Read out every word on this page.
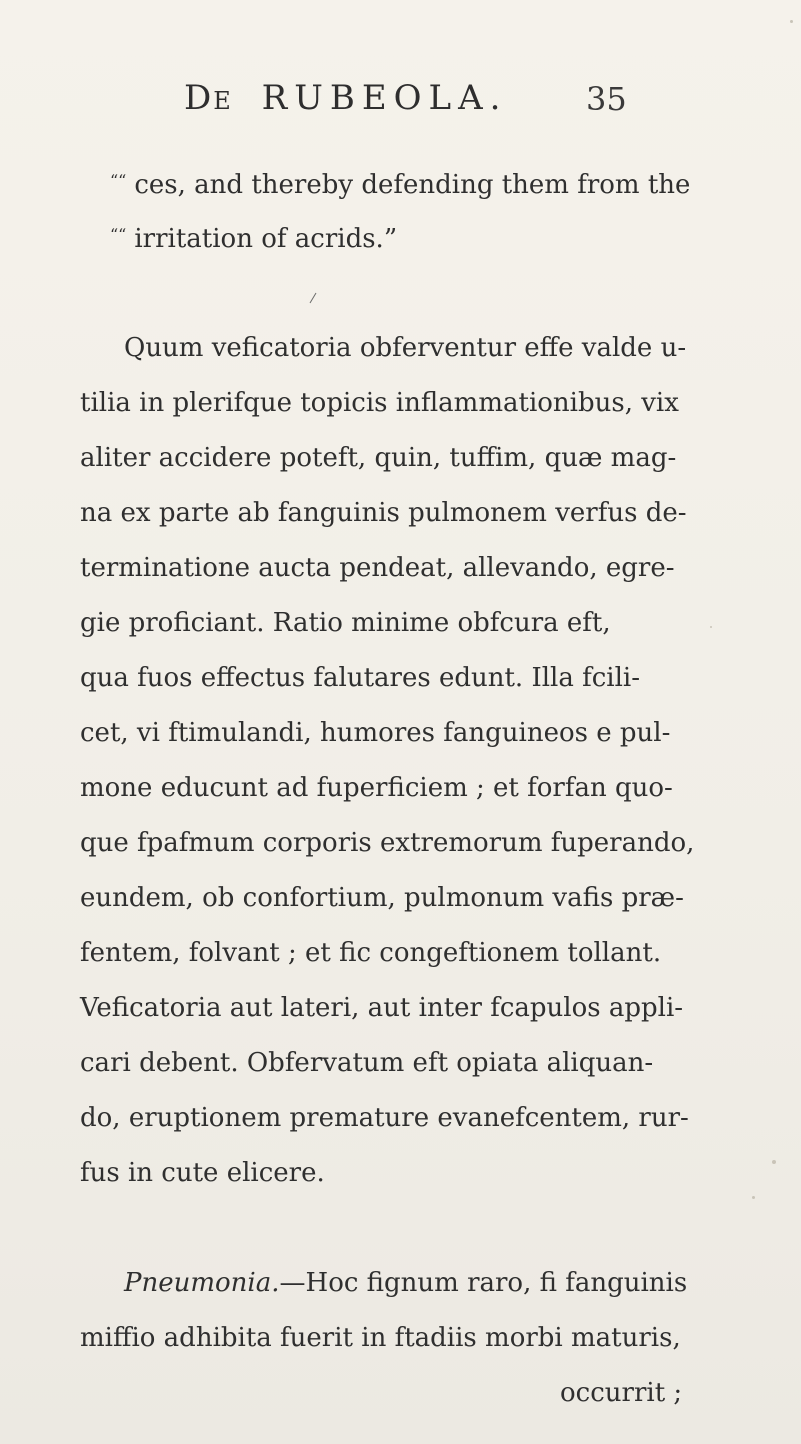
DE RUBEOLA. 35
““ ces, and thereby defending them from the
““ irritation of acrids.”
Quum veficatoria obferventur effe valde u-
tilia in plerifque topicis inflammationibus, vix
aliter accidere poteft, quin, tuffim, quæ mag-
na ex parte ab fanguinis pulmonem verfus de-
terminatione aucta pendeat, allevando, egre-
gie proficiant. Ratio minime obfcura eft,
qua fuos effectus falutares edunt. Illa fcili-
cet, vi ftimulandi, humores fanguineos e pul-
mone educunt ad fuperficiem ; et forfan quo-
que fpafmum corporis extremorum fuperando,
eundem, ob confortium, pulmonum vafis præ-
fentem, folvant ; et fic congeftionem tollant.
Veficatoria aut lateri, aut inter fcapulos appli-
cari debent. Obfervatum eft opiata aliquan-
do, eruptionem premature evanefcentem, rur-
fus in cute elicere.
Pneumonia.—Hoc fignum raro, fi fanguinis
miffio adhibita fuerit in ftadiis morbi maturis,
occurrit ;
